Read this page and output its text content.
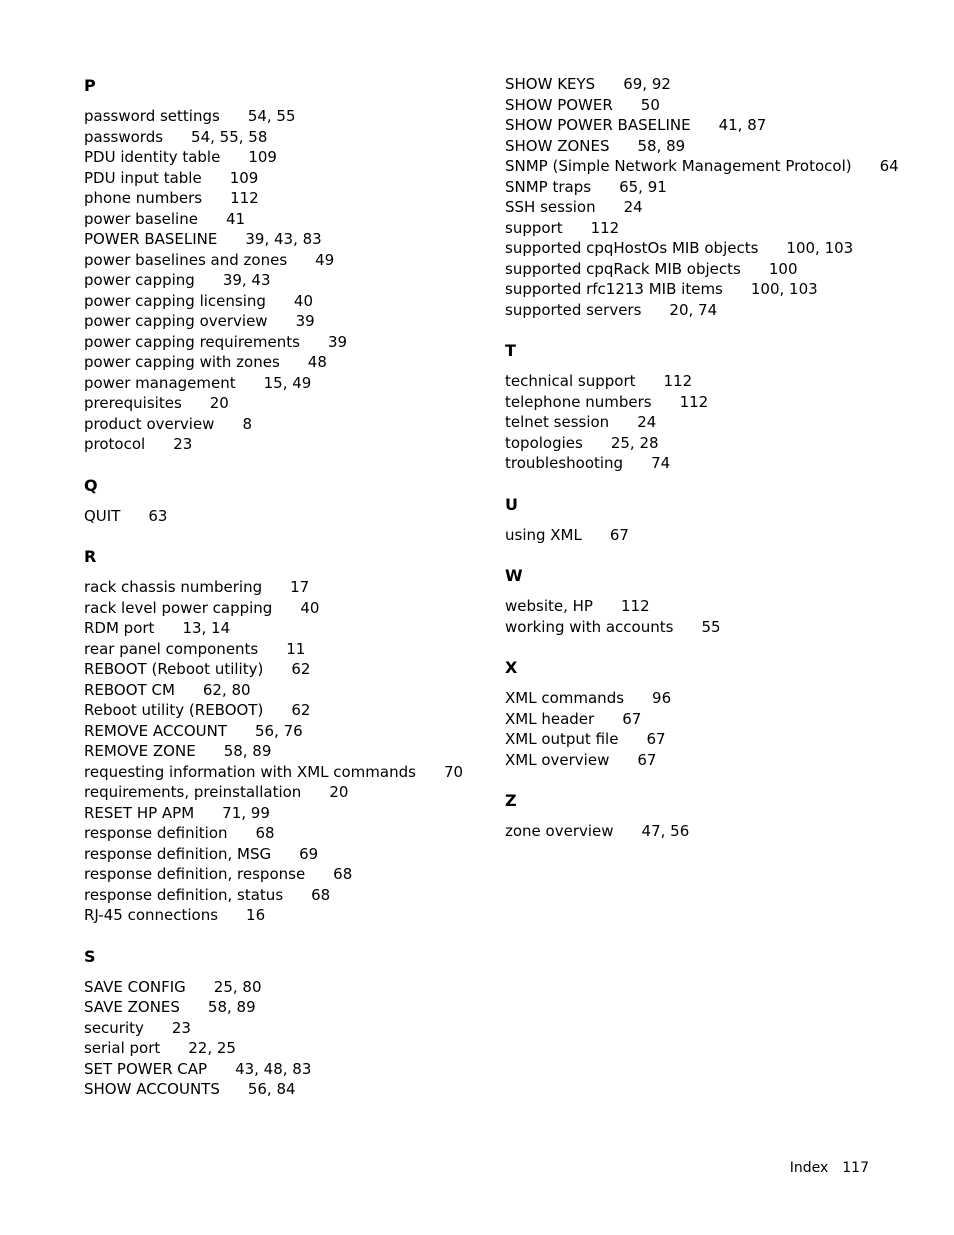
P
password settings 54, 55
passwords 54, 55, 58
PDU identity table 109
PDU input table 109
phone numbers 112
power baseline 41
POWER BASELINE 39, 43, 83
power baselines and zones 49
power capping 39, 43
power capping licensing 40
power capping overview 39
power capping requirements 39
power capping with zones 48
power management 15, 49
prerequisites 20
product overview 8
protocol 23
Q
QUIT 63
R
rack chassis numbering 17
rack level power capping 40
RDM port 13, 14
rear panel components 11
REBOOT (Reboot utility) 62
REBOOT CM 62, 80
Reboot utility (REBOOT) 62
REMOVE ACCOUNT 56, 76
REMOVE ZONE 58, 89
requesting information with XML commands 70
requirements, preinstallation 20
RESET HP APM 71, 99
response definition 68
response definition, MSG 69
response definition, response 68
response definition, status 68
RJ-45 connections 16
S
SAVE CONFIG 25, 80
SAVE ZONES 58, 89
security 23
serial port 22, 25
SET POWER CAP 43, 48, 83
SHOW ACCOUNTS 56, 84
SHOW KEYS 69, 92
SHOW POWER 50
SHOW POWER BASELINE 41, 87
SHOW ZONES 58, 89
SNMP (Simple Network Management Protocol) 64
SNMP traps 65, 91
SSH session 24
support 112
supported cpqHostOs MIB objects 100, 103
supported cpqRack MIB objects 100
supported rfc1213 MIB items 100, 103
supported servers 20, 74
T
technical support 112
telephone numbers 112
telnet session 24
topologies 25, 28
troubleshooting 74
U
using XML 67
W
website, HP 112
working with accounts 55
X
XML commands 96
XML header 67
XML output file 67
XML overview 67
Z
zone overview 47, 56
Index 117
